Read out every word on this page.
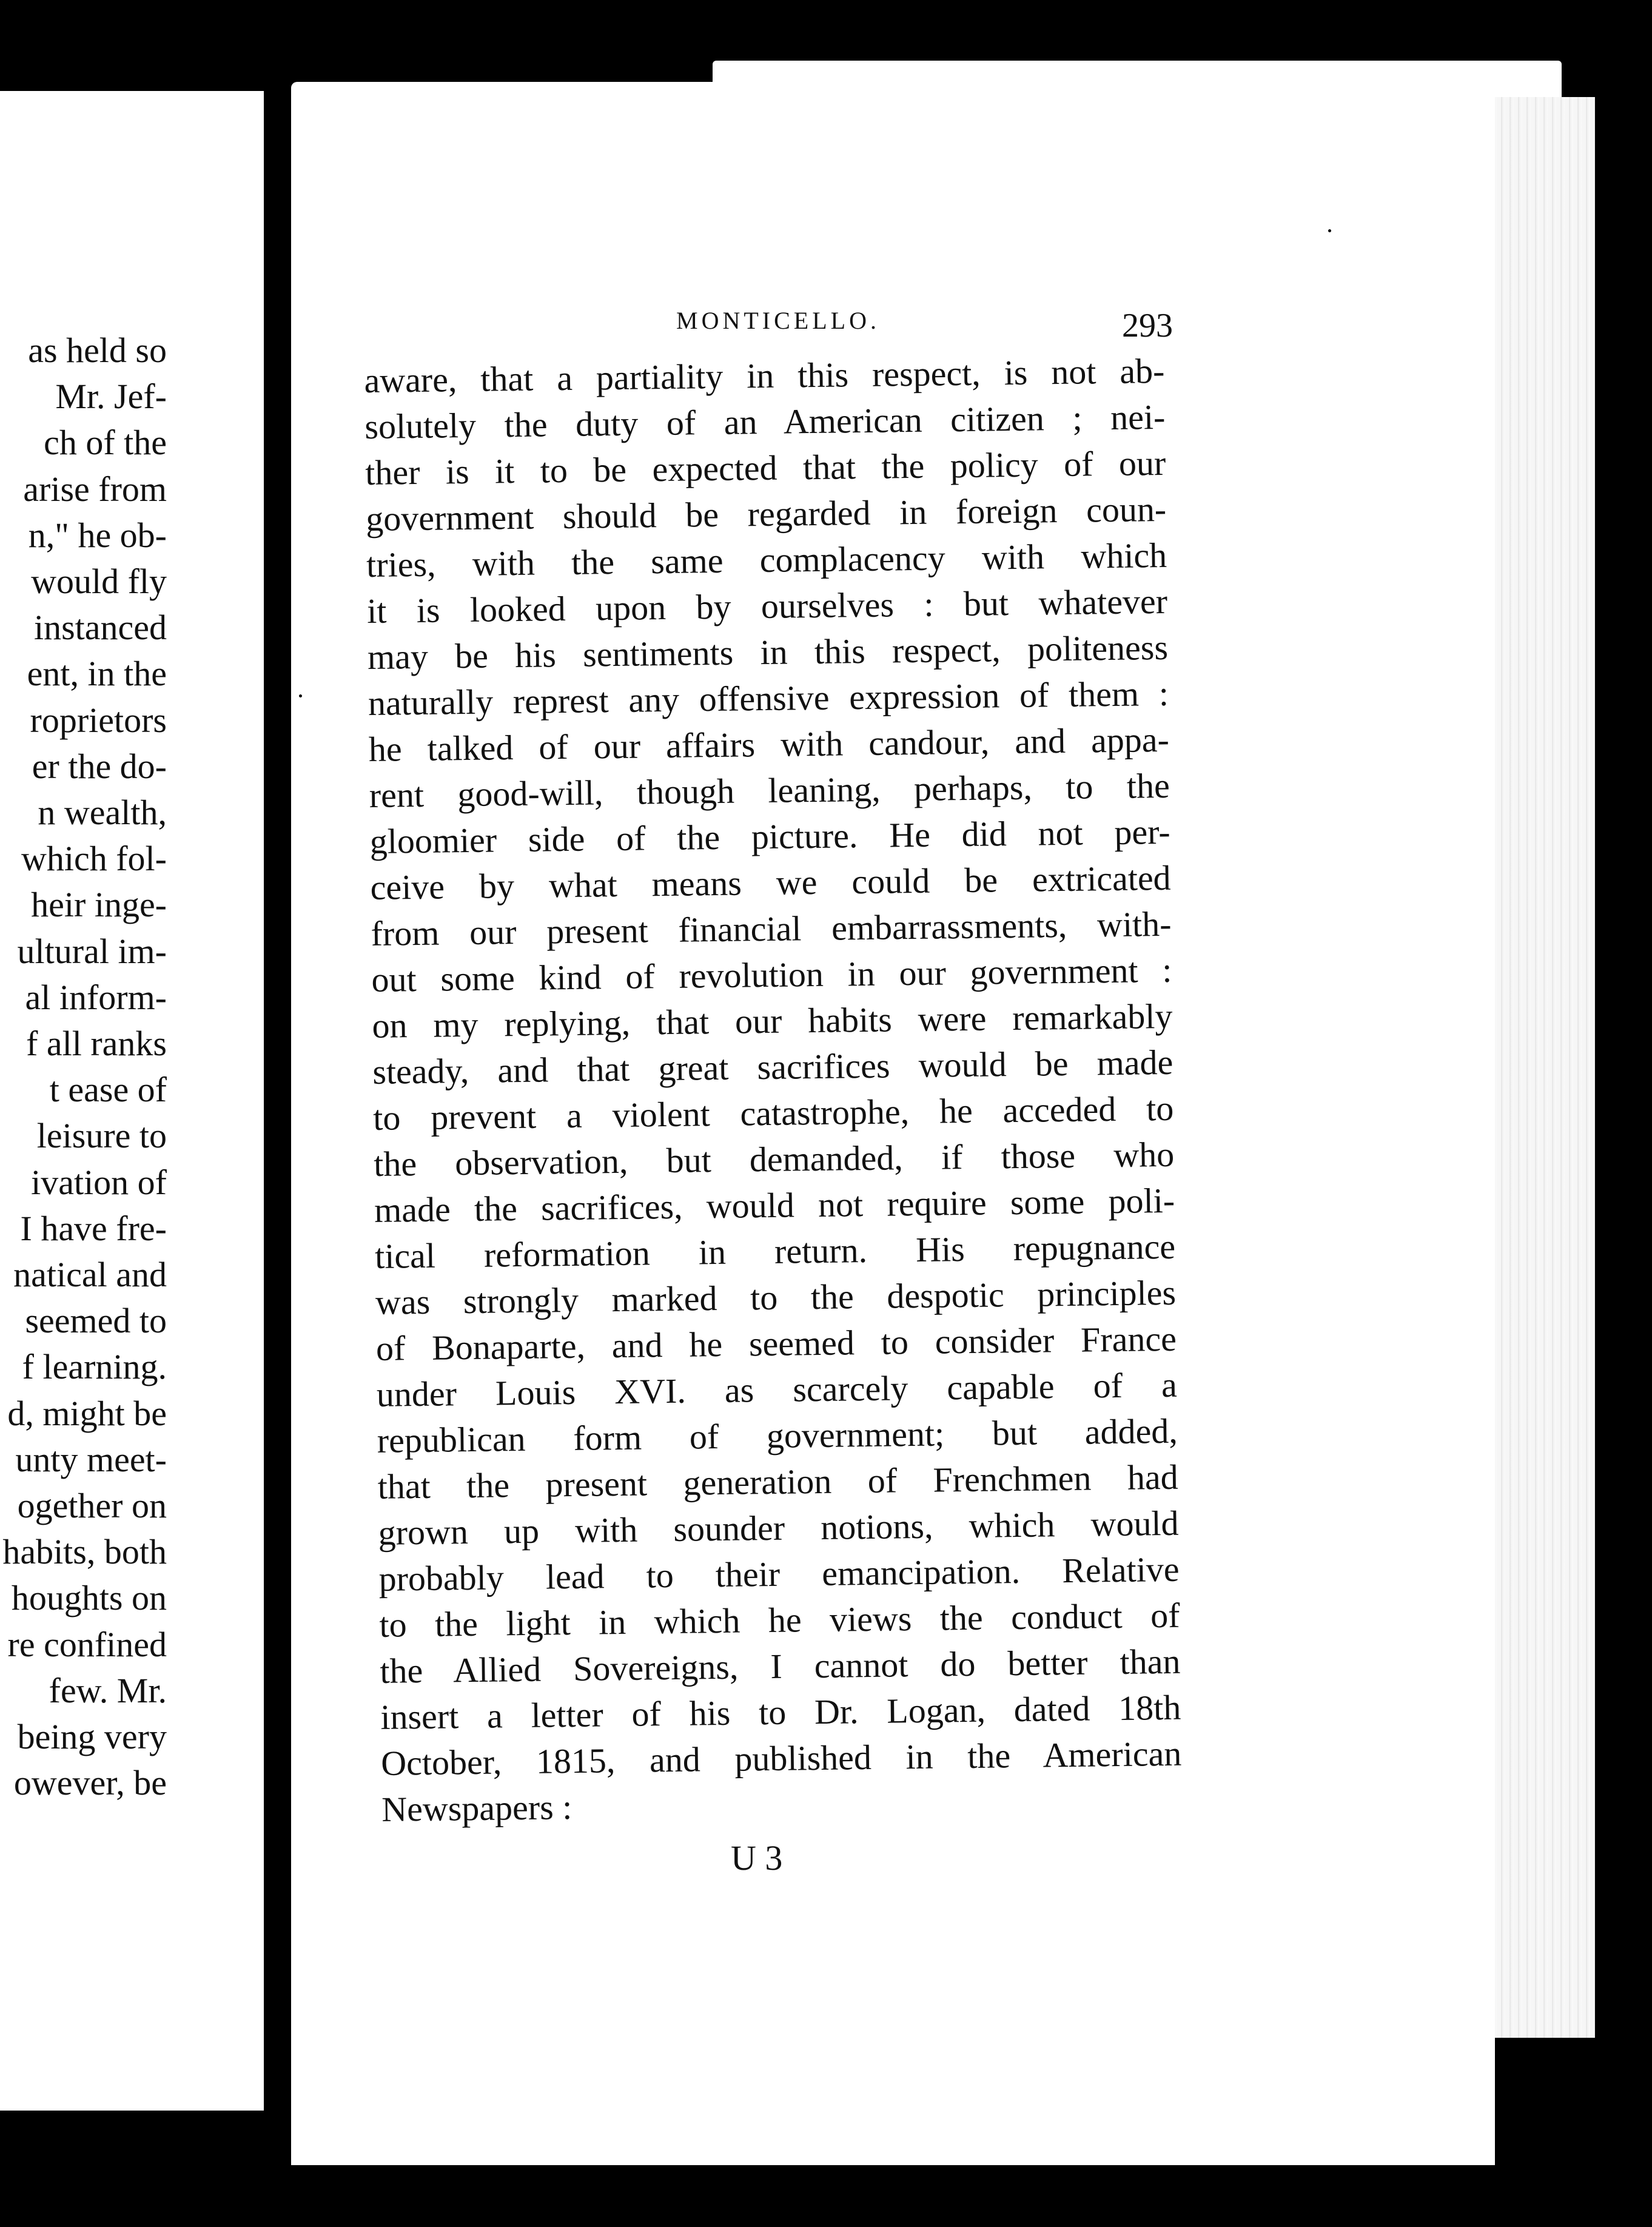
as held so
Mr. Jef-
ch of the
arise from
n," he ob-
would fly
instanced
ent, in the
roprietors
er the do-
n wealth,
which fol-
heir inge-
ultural im-
al inform-
f all ranks
t ease of
leisure to
ivation of
I have fre-
natical and
seemed to
f learning.
d, might be
unty meet-
ogether on
habits, both
houghts on
re confined
few. Mr.
being very
owever, be
MONTICELLO.	293
aware, that a partiality in this respect, is not ab-
solutely the duty of an American citizen ; nei-
ther is it to be expected that the policy of our
government should be regarded in foreign coun-
tries, with the same complacency with which
it is looked upon by ourselves : but whatever
may be his sentiments in this respect, politeness
naturally represt any offensive expression of them :
he talked of our affairs with candour, and appa-
rent good-will, though leaning, perhaps, to the
gloomier side of the picture. He did not per-
ceive by what means we could be extricated
from our present financial embarrassments, with-
out some kind of revolution in our government :
on my replying, that our habits were remarkably
steady, and that great sacrifices would be made
to prevent a violent catastrophe, he acceded to
the observation, but demanded, if those who
made the sacrifices, would not require some poli-
tical reformation in return. His repugnance
was strongly marked to the despotic principles
of Bonaparte, and he seemed to consider France
under Louis XVI. as scarcely capable of a
republican form of government; but added,
that the present generation of Frenchmen had
grown up with sounder notions, which would
probably lead to their emancipation. Relative
to the light in which he views the conduct of
the Allied Sovereigns, I cannot do better than
insert a letter of his to Dr. Logan, dated 18th
October, 1815, and published in the American
Newspapers :
U 3
